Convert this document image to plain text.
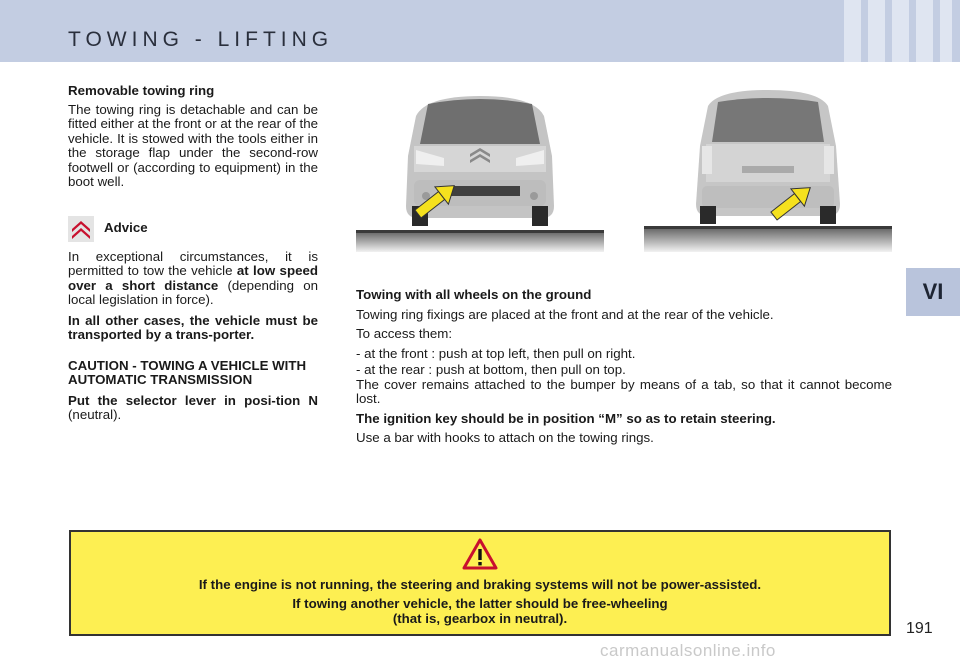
TOWING - LIFTING
VI

Removable towing ring

The towing ring is detachable and can be fitted either at the front or at the rear of the vehicle. It is stowed with the tools either in the storage flap under the second-row footwell or (according to equipment) in the boot well.

Advice

In exceptional circumstances, it is permitted to tow the vehicle at low speed over a short distance (depending on local legislation in force).

In all other cases, the vehicle must be transported by a trans-porter.

CAUTION - TOWING A VEHICLE WITH AUTOMATIC TRANSMISSION

Put the selector lever in posi-tion N (neutral).

Towing with all wheels on the ground

Towing ring fixings are placed at the front and at the rear of the vehicle.

To access them:

- at the front : push at top left, then pull on right.

- at the rear : push at bottom, then pull on top.

The cover remains attached to the bumper by means of a tab, so that it cannot become lost.

The ignition key should be in position “M” so as to retain steering.

Use a bar with hooks to attach on the towing rings.

If the engine is not running, the steering and braking systems will not be power-assisted.

If towing another vehicle, the latter should be free-wheeling

(that is, gearbox in neutral).

191
carmanualsonline.info
